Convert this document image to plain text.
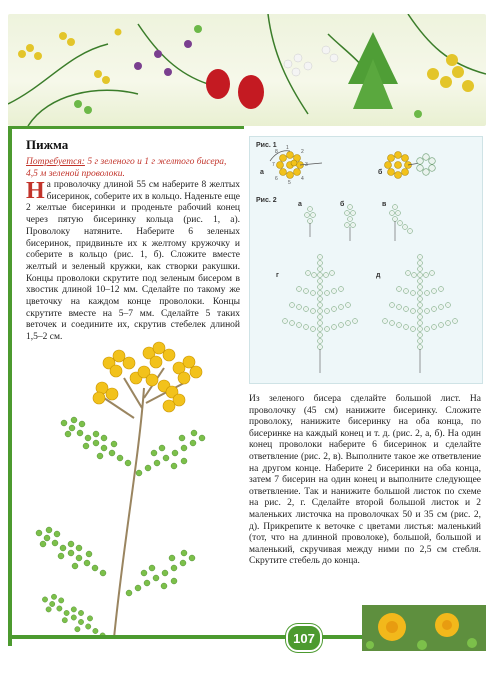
Пижма
Потребуется: 5 г зеленого и 1 г желтого бисера, 4,5 м зеленой проволоки.
На проволочку длиной 55 см наберите 8 желтых бисеринок, соберите их в кольцо. Наденьте еще 2 желтые бисеринки и проденьте рабочий конец через пятую бисеринку кольца (рис. 1, а). Проволоку натяните. Наберите 6 зеленых бисеринок, придвиньте их к желтому кружочку и соберите в кольцо (рис. 1, б). Сложите вместе желтый и зеленый кружки, как створки ракушки. Концы проволоки скрутите под зеленым бисером в хвостик длиной 10–12 мм. Сделайте по такому же цветочку на каждом конце проволоки. Концы скрутите вместе на 5–7 мм. Сделайте 5 таких веточек и соедините их, скрутив стебелек длиной 1,5–2 см.
Рис. 1
Рис. 2
а	б
а	б	в
г	д
1
2
3
4
5
6
7
8
Из зеленого бисера сделайте большой лист. На проволочку (45 см) нанижите бисеринку. Сложите проволоку, нанижите бисеринку на оба конца, по бисеринке на каждый конец и т. д. (рис. 2, а, б). На один конец проволоки наберите 6 бисеринок и сделайте ответвление (рис. 2, в). Выполните такое же ответвление на другом конце. Наберите 2 бисеринки на оба конца, затем 7 бисерин на один конец и выполните следующее ответвление. Так и нанижите большой листок по схеме на рис. 2, г. Сделайте второй большой листок и 2 маленьких листочка на проволочках 50 и 35 см (рис. 2, д). Прикрепите к веточке с цветами листья: маленький (тот, что на длинной проволоке), большой, большой и маленький, скручивая между ними по 2,5 см стебля. Скрутите стебель до конца.
107
